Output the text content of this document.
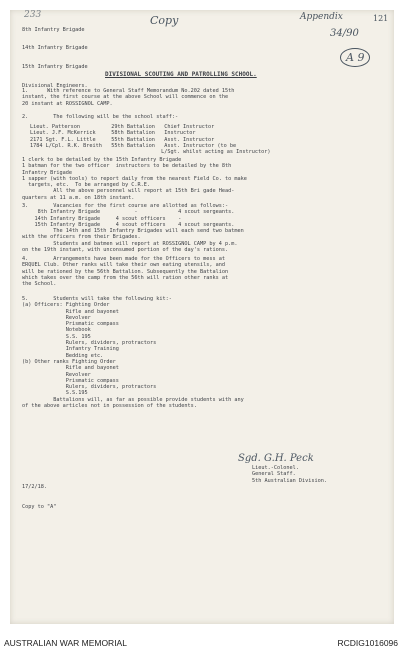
233	Copy	Appendix	121
34/90
A 9

8th Infantry Brigade

14th Infantry Brigade

15th Infantry Brigade

Divisional Engineers.

DIVISIONAL SCOUTING AND PATROLLING SCHOOL.
1.      With reference to General Staff Memorandum No.202 dated 15th
instant, the first course at the above School will commence on the
20 instant at ROSSIGNOL CAMP.
2.        The following will be the school staff:-
Lieut. Patterson          29th Battalion   Chief Instructor
Lieut. J.F. McKerrick     58th Battalion   Instructor
2171 Sgt. F.L. Little     55th Battalion   Asst. Instructor
1784 L/Cpl. R.K. Breith   55th Battalion   Asst. Instructor (to be
L/Sgt. whilst acting as Instructor)
1 clerk to be detailed by the 15th Infantry Brigade
1 batman for the two officer  instructors to be detailed by the 8th
Infantry Brigade
1 sapper (with tools) to report daily from the nearest Field Co. to make
targets, etc.  To be arranged by C.R.E.
All the above personnel will report at 15th Bri gade Head-
quarters at 11 a.m. on 18th instant.
3.        Vacancies for the first course are allotted as follows:-
8th Infantry Brigade           -             4 scout sergeants.
14th Infantry Brigade     4 scout officers    -
15th Infantry Brigade     4 scout officers    4 scout sergeants.
The 14th and 15th Infantry Brigades will each send two batmen
with the officers from their Brigades.
Students and batmen will report at ROSSIGNOL CAMP by 4 p.m.
on the 19th instant, with unconsumed portion of the day's rations.
4.        Arrangements have been made for the Officers to mess at
ERQUEL Club. Other ranks will take their own eating utensils, and
will be rationed by the 56th Battalion. Subsequently the Battalion
which takes over the camp from the 56th will ration other ranks at
the School.
5.        Students will take the following kit:-
(a) Officers: Fighting Order
Rifle and bayonet
Revolver
Prismatic compass
Notebook
S.S. 195
Rulers, dividers, protractors
Infantry Training
Bedding etc.
(b) Other ranks Fighting Order
Rifle and bayonet
Revolver
Prismatic compass
Rulers, dividers, protractors
S.S.195
Battalions will, as far as possible provide students with any
of the above articles not in possession of the students.
Sgd. G.H. Peck
Lieut.-Colonel.
General Staff.
5th Australian Division.
17/2/18.
Copy to "A"
AUSTRALIAN WAR MEMORIAL	RCDIG1016096
